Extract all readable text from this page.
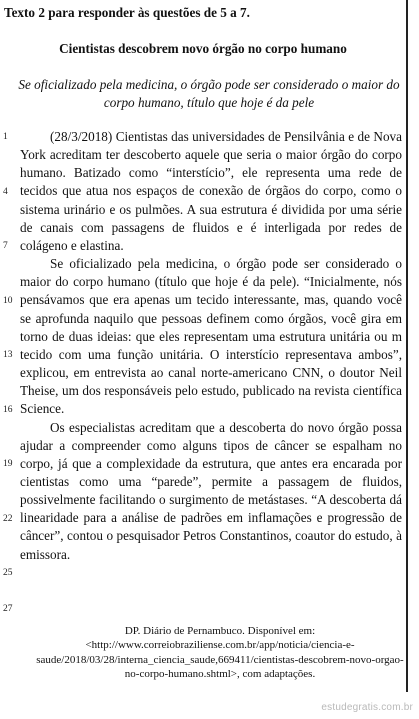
Texto 2 para responder às questões de 5 a 7.
Cientistas descobrem novo órgão no corpo humano
Se oficializado pela medicina, o órgão pode ser considerado o maior do corpo humano, título que hoje é da pele
1
4
7
10
13
16
19
22
25
27

(28/3/2018) Cientistas das universidades de Pensilvânia e de Nova York acreditam ter descoberto aquele que seria o maior órgão do corpo humano. Batizado como “interstício”, ele representa uma rede de tecidos que atua nos espaços de conexão de órgãos do corpo, como o sistema urinário e os pulmões. A sua estrutura é dividida por uma série de canais com passagens de fluidos e é interligada por redes de colágeno e elastina.

Se oficializado pela medicina, o órgão pode ser considerado o maior do corpo humano (título que hoje é da pele). “Inicialmente, nós pensávamos que era apenas um tecido interessante, mas, quando você se aprofunda naquilo que pessoas definem como órgãos, você gira em torno de duas ideias: que eles representam uma estrutura unitária ou m tecido com uma função unitária. O interstício representava ambos”, explicou, em entrevista ao canal norte-americano CNN, o doutor Neil Theise, um dos responsáveis pelo estudo, publicado na revista científica Science.

Os especialistas acreditam que a descoberta do novo órgão possa ajudar a compreender como alguns tipos de câncer se espalham no corpo, já que a complexidade da estrutura, que antes era encarada por cientistas como uma “parede”, permite a passagem de fluidos, possivelmente facilitando o surgimento de metástases. “A descoberta dá linearidade para a análise de padrões em inflamações e progressão de câncer”, contou o pesquisador Petros Constantinos, coautor do estudo, à emissora.

DP. Diário de Pernambuco. Disponível em: <http://www.correiobraziliense.com.br/app/noticia/ciencia-e-saude/2018/03/28/interna_ciencia_saude,669411/cientistas-descobrem-novo-orgao-no-corpo-humano.shtml>, com adaptações.
estudegratis.com.br
